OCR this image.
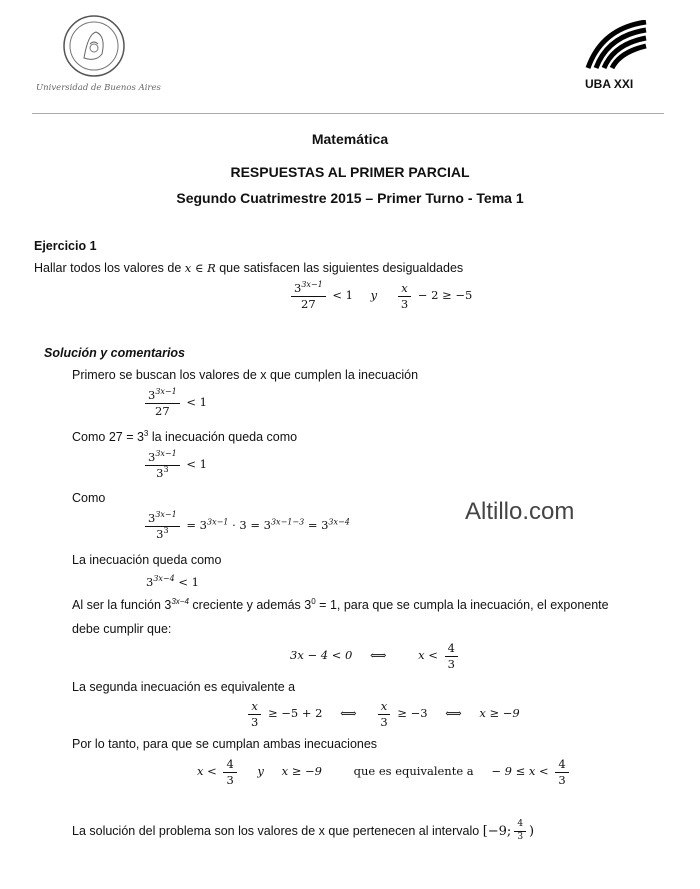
Universidad de Buenos Aires	UBA XXI
Matemática
RESPUESTAS AL PRIMER PARCIAL
Segundo Cuatrimestre 2015 – Primer Turno - Tema 1
Ejercicio 1
Hallar todos los valores de x ∈ R que satisfacen las siguientes desigualdades
$\frac{3^{3x-1}}{27} < 1$ y $\frac{x}{3} - 2 \ge -5$
Solución y comentarios
Primero se buscan los valores de x que cumplen la inecuación
$\frac{3^{3x-1}}{27} < 1$
Como $27 = 3^3$ la inecuación queda como
$\frac{3^{3x-1}}{3^3} < 1$
Como
$\frac{3^{3x-1}}{3^3} = 3^{3x-1} \cdot 3 = 3^{3x-1-3} = 3^{3x-4}$	Altillo.com
La inecuación queda como
$3^{3x-4} < 1$
Al ser la función $3^{3x-4}$ creciente y además $3^0 = 1$, para que se cumpla la inecuación, el exponente
debe cumplir que:
3x − 4 < 0 ⟺	$x < \frac{4}{3}$
La segunda inecuación es equivalente a
$\frac{x}{3} \ge -5 + 2$ ⟺ $\frac{x}{3} \ge -3$ ⟺ x ≥ −9
Por lo tanto, para que se cumplan ambas inecuaciones
$x < \frac{4}{3}$ y x ≥ −9	que es equivalente $a - 9 \le x < \frac{4}{3}$
La solución del problema son los valores de x que pertenecen al intervalo [−9; $\frac{4}{3}$ )
